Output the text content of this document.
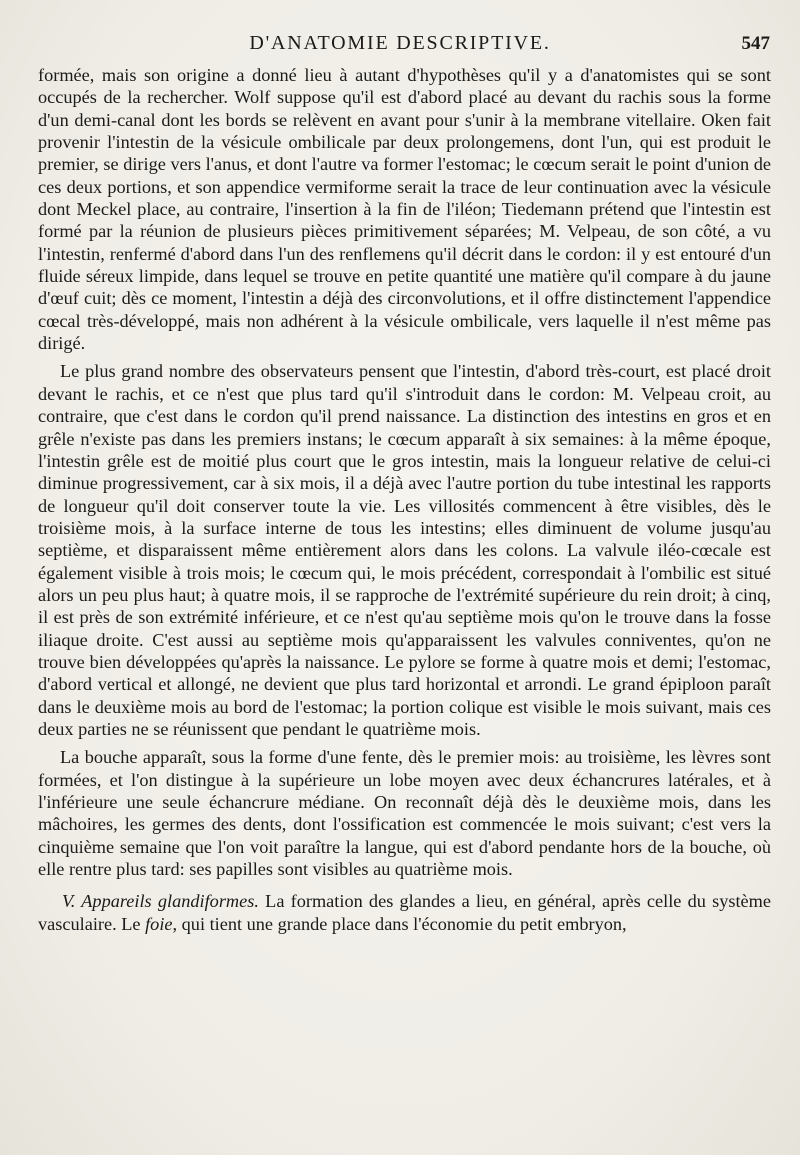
D'ANATOMIE DESCRIPTIVE.	547

formée, mais son origine a donné lieu à autant d'hypothèses qu'il y a d'anatomistes qui se sont occupés de la rechercher. Wolf suppose qu'il est d'abord placé au devant du rachis sous la forme d'un demi-canal dont les bords se relèvent en avant pour s'unir à la membrane vitellaire. Oken fait provenir l'intestin de la vésicule ombilicale par deux prolongemens, dont l'un, qui est produit le premier, se dirige vers l'anus, et dont l'autre va former l'estomac; le cœcum serait le point d'union de ces deux portions, et son appendice vermiforme serait la trace de leur continuation avec la vésicule dont Meckel place, au contraire, l'insertion à la fin de l'iléon; Tiedemann prétend que l'intestin est formé par la réunion de plusieurs pièces primitivement séparées; M. Velpeau, de son côté, a vu l'intestin, renfermé d'abord dans l'un des renflemens qu'il décrit dans le cordon: il y est entouré d'un fluide séreux limpide, dans lequel se trouve en petite quantité une matière qu'il compare à du jaune d'œuf cuit; dès ce moment, l'intestin a déjà des circonvolutions, et il offre distinctement l'appendice cœcal très-développé, mais non adhérent à la vésicule ombilicale, vers laquelle il n'est même pas dirigé.

Le plus grand nombre des observateurs pensent que l'intestin, d'abord très-court, est placé droit devant le rachis, et ce n'est que plus tard qu'il s'introduit dans le cordon: M. Velpeau croit, au contraire, que c'est dans le cordon qu'il prend naissance. La distinction des intestins en gros et en grêle n'existe pas dans les premiers instans; le cœcum apparaît à six semaines: à la même époque, l'intestin grêle est de moitié plus court que le gros intestin, mais la longueur relative de celui-ci diminue progressivement, car à six mois, il a déjà avec l'autre portion du tube intestinal les rapports de longueur qu'il doit conserver toute la vie. Les villosités commencent à être visibles, dès le troisième mois, à la surface interne de tous les intestins; elles diminuent de volume jusqu'au septième, et disparaissent même entièrement alors dans les colons. La valvule iléo-cœcale est également visible à trois mois; le cœcum qui, le mois précédent, correspondait à l'ombilic est situé alors un peu plus haut; à quatre mois, il se rapproche de l'extrémité supérieure du rein droit; à cinq, il est près de son extrémité inférieure, et ce n'est qu'au septième mois qu'on le trouve dans la fosse iliaque droite. C'est aussi au septième mois qu'apparaissent les valvules conniventes, qu'on ne trouve bien développées qu'après la naissance. Le pylore se forme à quatre mois et demi; l'estomac, d'abord vertical et allongé, ne devient que plus tard horizontal et arrondi. Le grand épiploon paraît dans le deuxième mois au bord de l'estomac; la portion colique est visible le mois suivant, mais ces deux parties ne se réunissent que pendant le quatrième mois.

La bouche apparaît, sous la forme d'une fente, dès le premier mois: au troisième, les lèvres sont formées, et l'on distingue à la supérieure un lobe moyen avec deux échancrures latérales, et à l'inférieure une seule échancrure médiane. On reconnaît déjà dès le deuxième mois, dans les mâchoires, les germes des dents, dont l'ossification est commencée le mois suivant; c'est vers la cinquième semaine que l'on voit paraître la langue, qui est d'abord pendante hors de la bouche, où elle rentre plus tard: ses papilles sont visibles au quatrième mois.

V. Appareils glandiformes. La formation des glandes a lieu, en général, après celle du système vasculaire. Le foie, qui tient une grande place dans l'économie du petit embryon,
